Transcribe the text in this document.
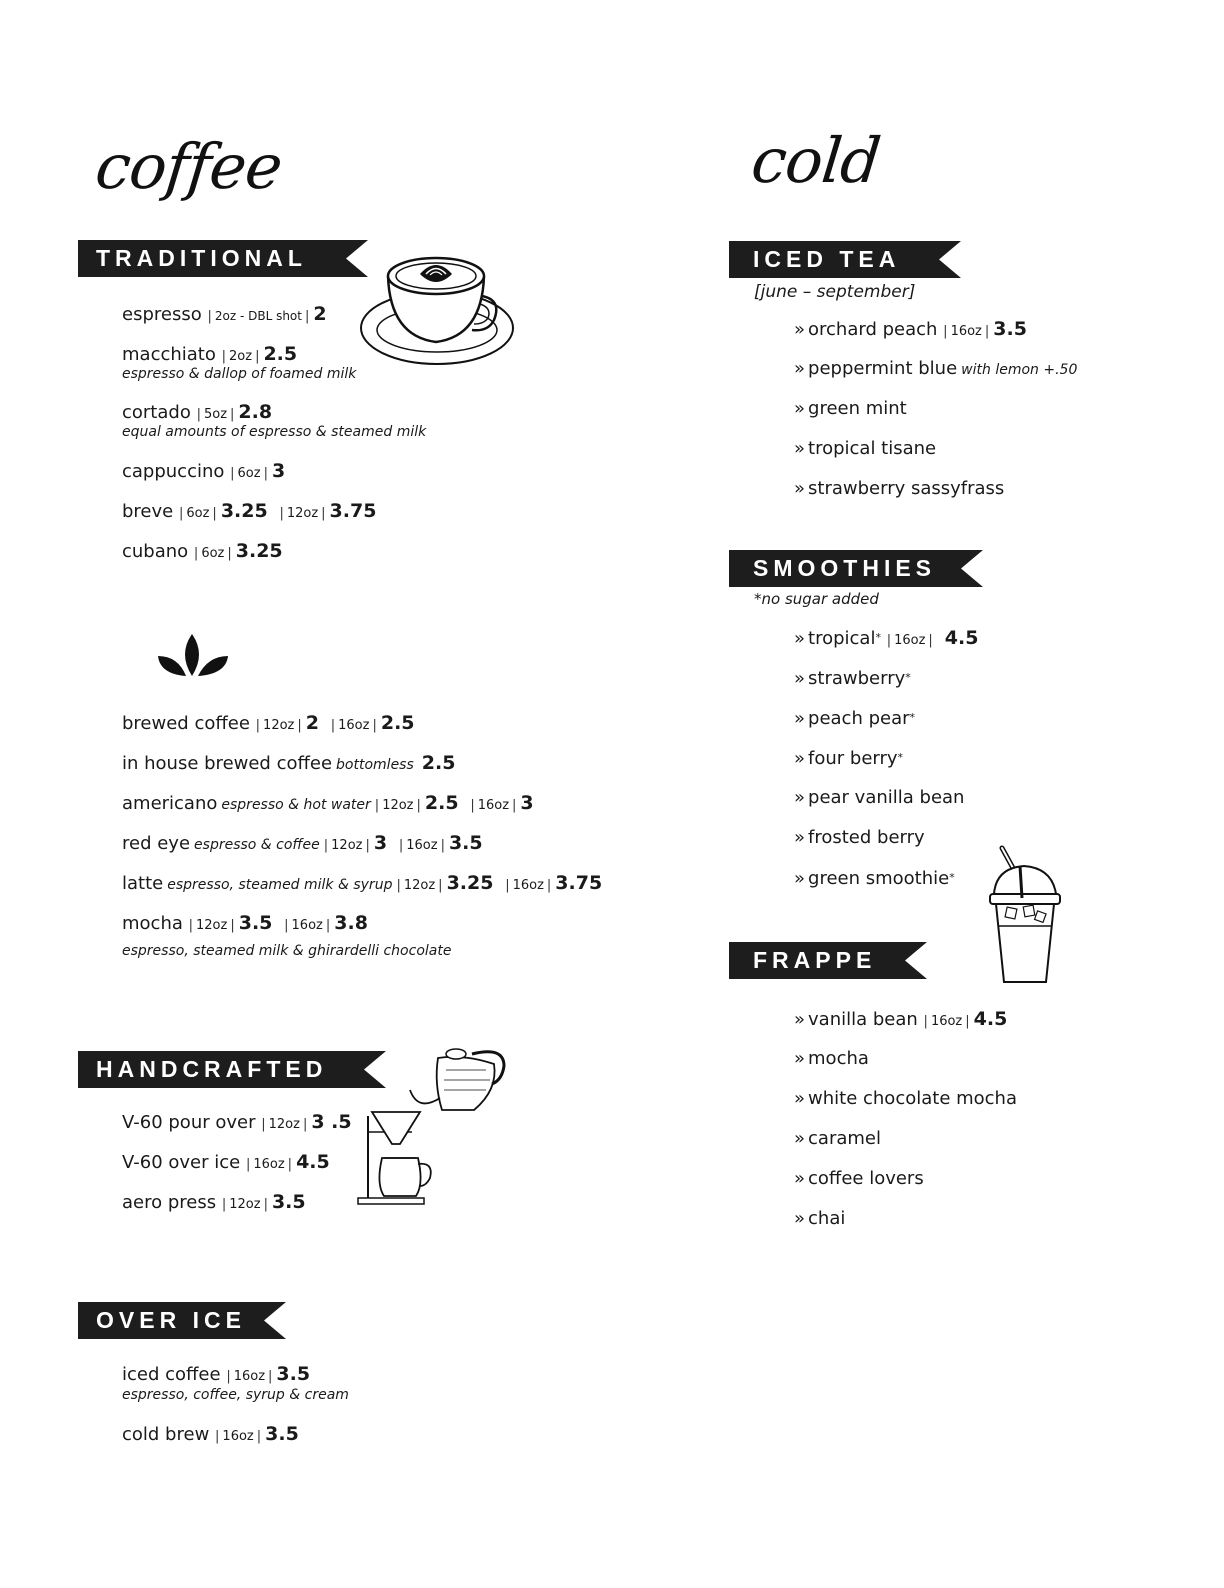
coffee
TRADITIONAL
espresso | 2oz - DBL shot | 2
macchiato | 2oz | 2.5
espresso & dallop of foamed milk
cortado | 5oz | 2.8
equal amounts of espresso & steamed milk
cappuccino | 6oz | 3
breve | 6oz | 3.25 | 12oz | 3.75
cubano | 6oz | 3.25
brewed coffee | 12oz | 2 | 16oz | 2.5
in house brewed coffee bottomless 2.5
americano espresso & hot water | 12oz | 2.5 | 16oz | 3
red eye espresso & coffee | 12oz | 3 | 16oz | 3.5
latte espresso, steamed milk & syrup | 12oz | 3.25 | 16oz | 3.75
mocha | 12oz | 3.5 | 16oz | 3.8
espresso, steamed milk & ghirardelli chocolate
HANDCRAFTED
V-60 pour over | 12oz | 3 .5
V-60 over ice | 16oz | 4.5
aero press | 12oz | 3.5
OVER ICE
iced coffee | 16oz | 3.5
espresso, coffee, syrup & cream
cold brew | 16oz | 3.5
cold
ICED TEA
[june – september]
» orchard peach | 16oz | 3.5
» peppermint blue with lemon +.50
» green mint
» tropical tisane
» strawberry sassyfrass
SMOOTHIES
*no sugar added
» tropical* | 16oz | 4.5
» strawberry*
» peach pear*
» four berry*
» pear vanilla bean
» frosted berry
» green smoothie*
FRAPPE
» vanilla bean | 16oz | 4.5
» mocha
» white chocolate mocha
» caramel
» coffee lovers
» chai
